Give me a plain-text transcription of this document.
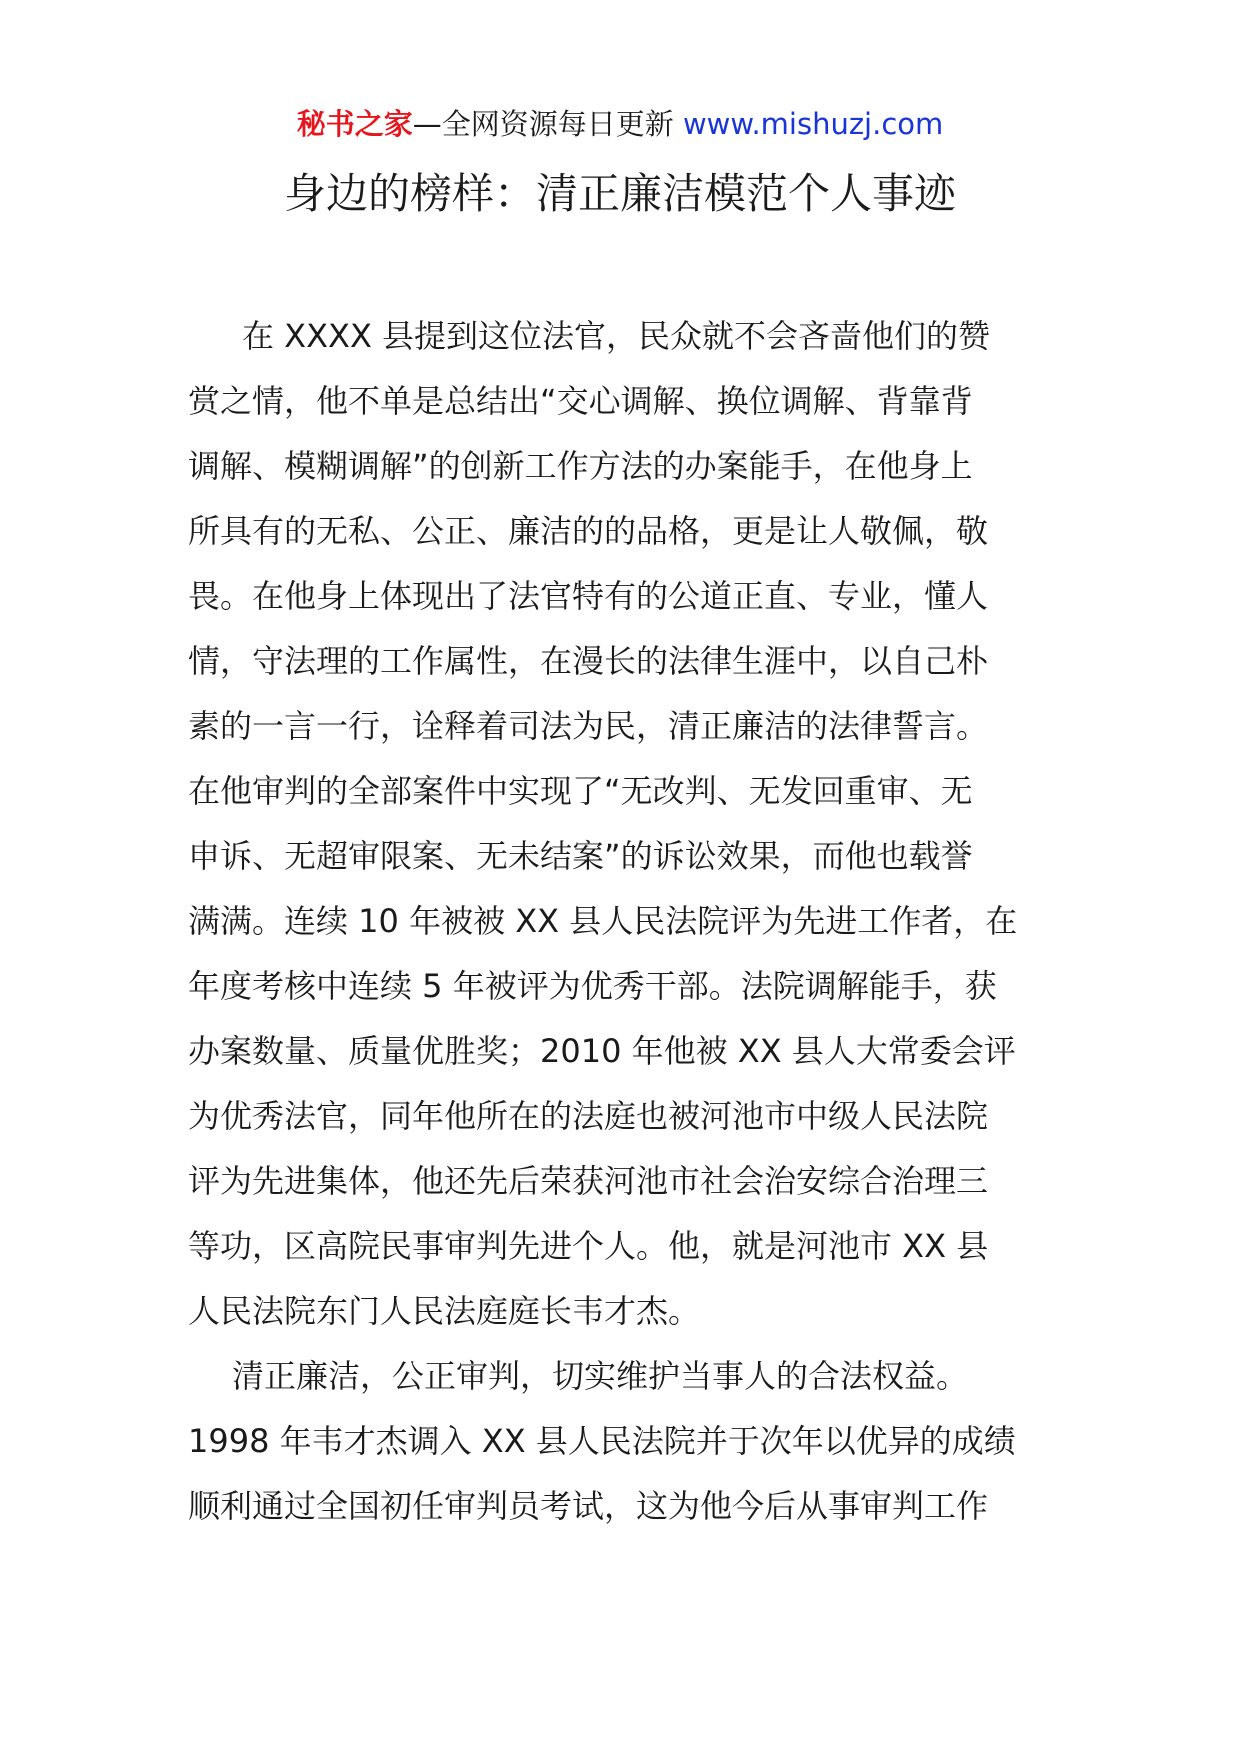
秘书之家—全网资源每日更新 www.mishuzj.com
身边的榜样：清正廉洁模范个人事迹
在 XXXX 县提到这位法官，民众就不会吝啬他们的赞
赏之情，他不单是总结出“交心调解、换位调解、背靠背
调解、模糊调解”的创新工作方法的办案能手，在他身上
所具有的无私、公正、廉洁的的品格，更是让人敬佩，敬
畏。在他身上体现出了法官特有的公道正直、专业，懂人
情，守法理的工作属性，在漫长的法律生涯中，以自己朴
素的一言一行，诠释着司法为民，清正廉洁的法律誓言。
在他审判的全部案件中实现了“无改判、无发回重审、无
申诉、无超审限案、无未结案”的诉讼效果，而他也载誉
满满。连续 10 年被被 XX 县人民法院评为先进工作者，在
年度考核中连续 5 年被评为优秀干部。法院调解能手，获
办案数量、质量优胜奖；2010 年他被 XX 县人大常委会评
为优秀法官，同年他所在的法庭也被河池市中级人民法院
评为先进集体，他还先后荣获河池市社会治安综合治理三
等功，区高院民事审判先进个人。他，就是河池市 XX 县
人民法院东门人民法庭庭长韦才杰。
清正廉洁，公正审判，切实维护当事人的合法权益。
1998 年韦才杰调入 XX 县人民法院并于次年以优异的成绩
顺利通过全国初任审判员考试，这为他今后从事审判工作
